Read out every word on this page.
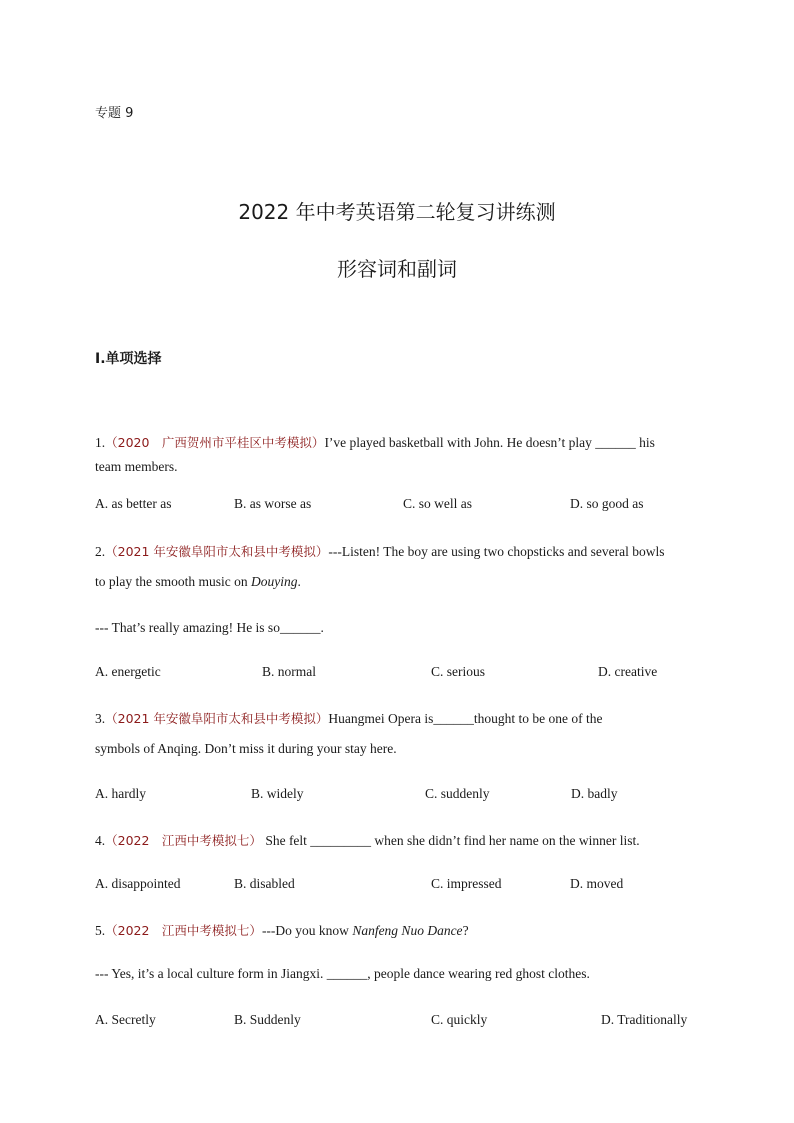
专题 9
2022 年中考英语第二轮复习讲练测
形容词和副词
Ⅰ.单项选择
1.（2020　广西贺州市平桂区中考模拟）I’ve played basketball with John. He doesn’t play ______ his
team members.
A. as better as	B. as worse as	C. so well as	D. so good as
2.（2021 年安徽阜阳市太和县中考模拟）---Listen! The boy are using two chopsticks and several bowls
to play the smooth music on Douying.
--- That’s really amazing! He is so______.
A. energetic	B. normal	C. serious	D. creative
3.（2021 年安徽阜阳市太和县中考模拟）Huangmei Opera is______thought to be one of the
symbols of Anqing. Don’t miss it during your stay here.
A. hardly	B. widely	C. suddenly	D. badly
4.（2022　江西中考模拟七） She felt _________ when she didn’t find her name on the winner list.
A. disappointed	B. disabled	C. impressed	D. moved
5.（2022　江西中考模拟七）---Do you know Nanfeng Nuo Dance?
--- Yes, it’s a local culture form in Jiangxi. ______, people dance wearing red ghost clothes.
A. Secretly	B. Suddenly	C. quickly	D. Traditionally
